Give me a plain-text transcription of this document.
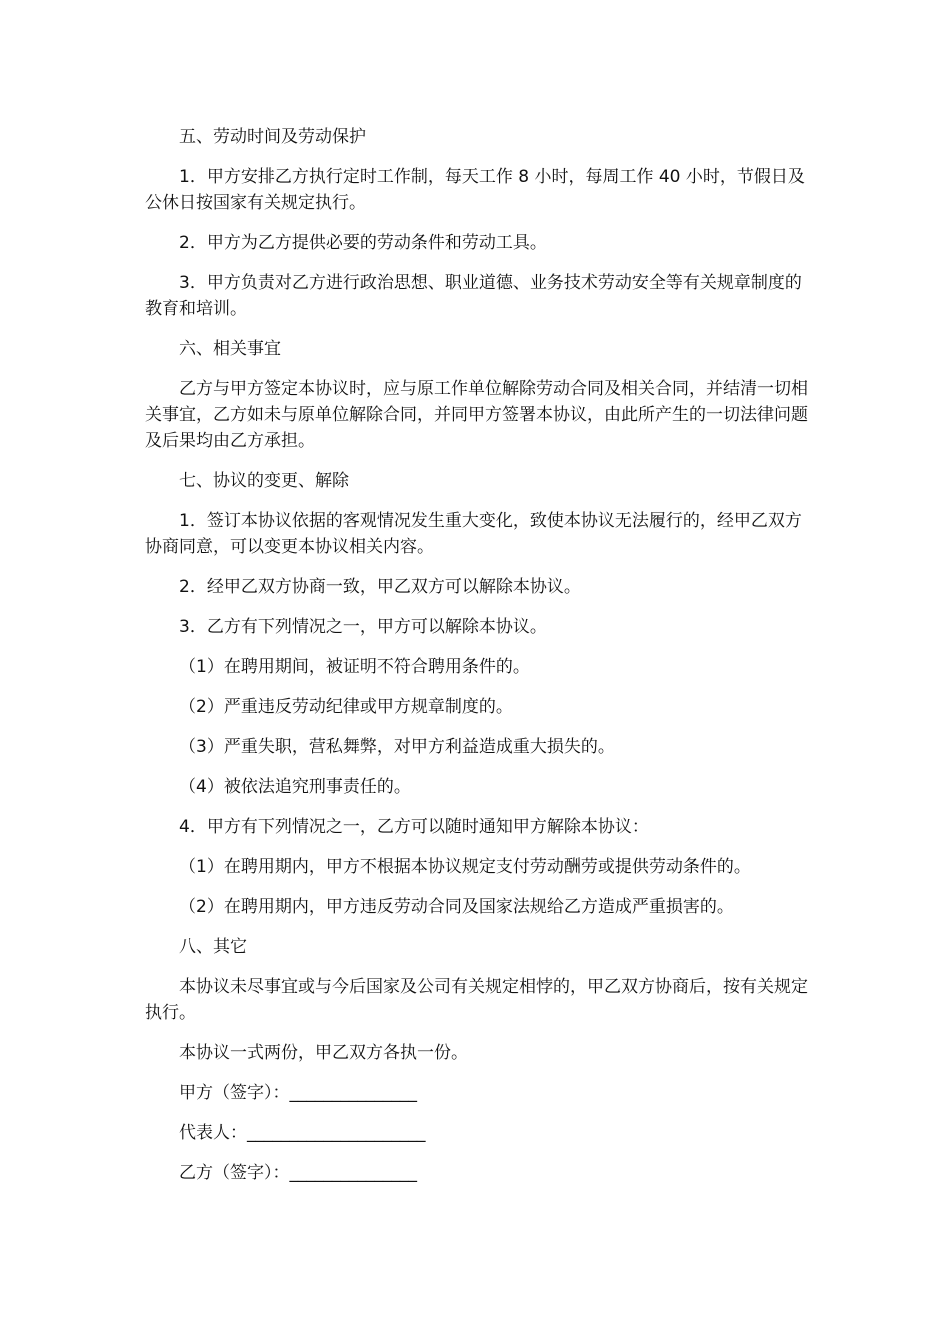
五、劳动时间及劳动保护

1．甲方安排乙方执行定时工作制，每天工作 8 小时，每周工作 40 小时，节假日及公休日按国家有关规定执行。

2．甲方为乙方提供必要的劳动条件和劳动工具。

3．甲方负责对乙方进行政治思想、职业道德、业务技术劳动安全等有关规章制度的教育和培训。

六、相关事宜

乙方与甲方签定本协议时，应与原工作单位解除劳动合同及相关合同，并结清一切相关事宜，乙方如未与原单位解除合同，并同甲方签署本协议，由此所产生的一切法律问题及后果均由乙方承担。

七、协议的变更、解除

1．签订本协议依据的客观情况发生重大变化，致使本协议无法履行的，经甲乙双方协商同意，可以变更本协议相关内容。

2．经甲乙双方协商一致，甲乙双方可以解除本协议。

3．乙方有下列情况之一，甲方可以解除本协议。

（1）在聘用期间，被证明不符合聘用条件的。

（2）严重违反劳动纪律或甲方规章制度的。

（3）严重失职，营私舞弊，对甲方利益造成重大损失的。

（4）被依法追究刑事责任的。

4．甲方有下列情况之一，乙方可以随时通知甲方解除本协议：

（1）在聘用期内，甲方不根据本协议规定支付劳动酬劳或提供劳动条件的。

（2）在聘用期内，甲方违反劳动合同及国家法规给乙方造成严重损害的。

八、其它

本协议未尽事宜或与今后国家及公司有关规定相悖的，甲乙双方协商后，按有关规定执行。

本协议一式两份，甲乙双方各执一份。

甲方（签字）：_______________

代表人：_____________________

乙方（签字）：_______________
